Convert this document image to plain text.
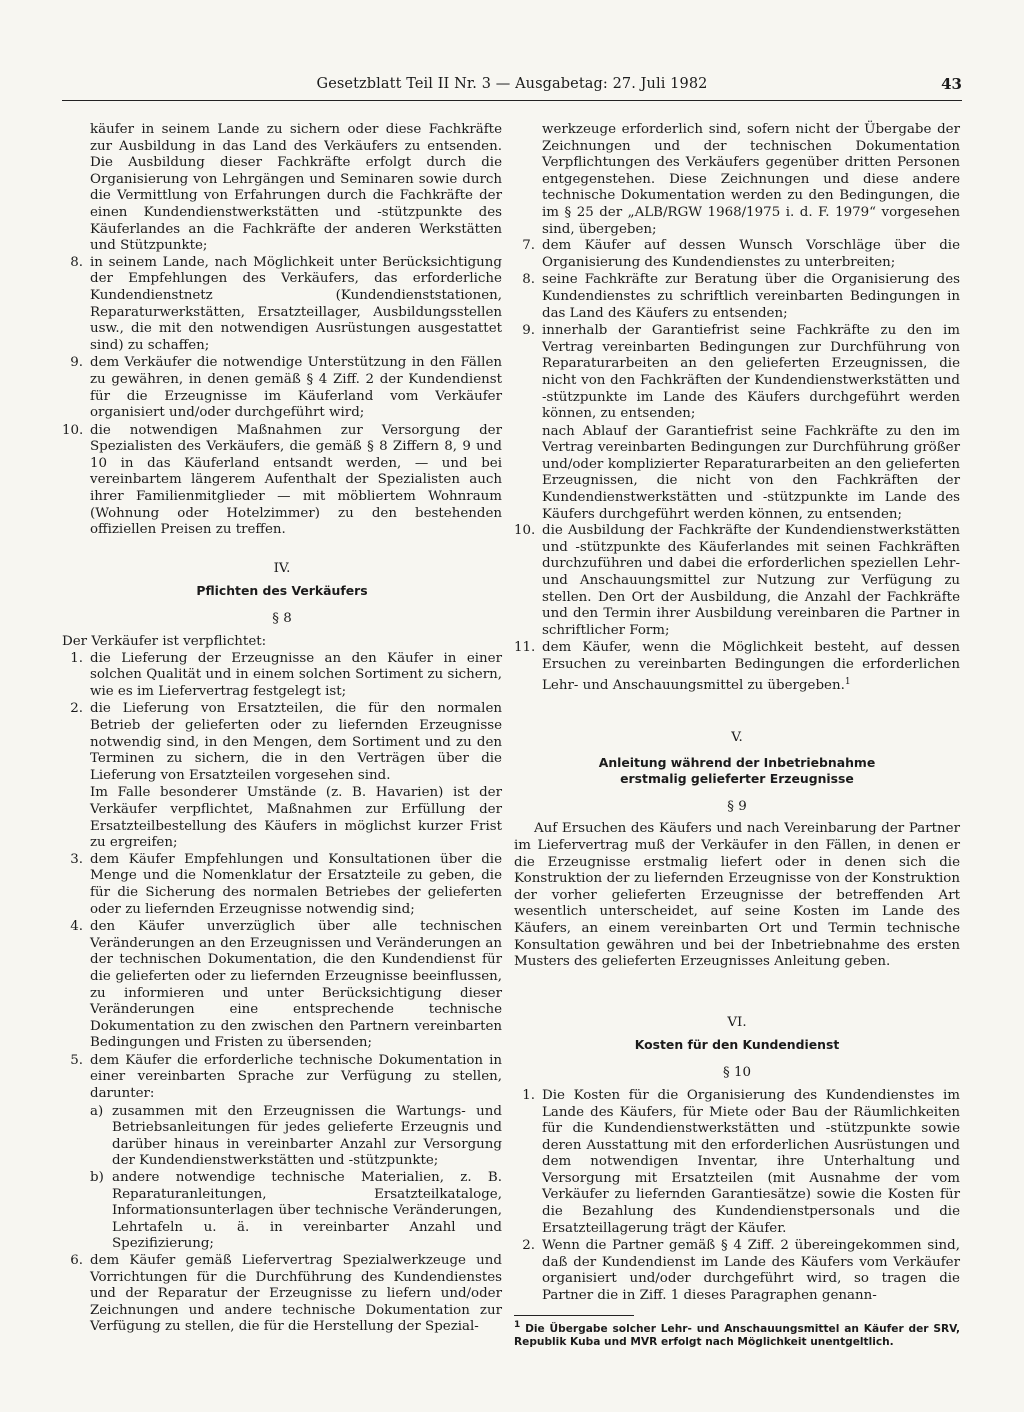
Gesetzblatt Teil II Nr. 3 — Ausgabetag: 27. Juli 1982	43

käufer in seinem Lande zu sichern oder diese Fachkräfte zur Ausbildung in das Land des Verkäufers zu entsenden. Die Ausbildung dieser Fachkräfte erfolgt durch die Organisierung von Lehrgängen und Seminaren sowie durch die Vermittlung von Erfahrungen durch die Fachkräfte der einen Kundendienstwerkstätten und -stützpunkte des Käuferlandes an die Fachkräfte der anderen Werkstätten und Stützpunkte;

8. in seinem Lande, nach Möglichkeit unter Berücksichtigung der Empfehlungen des Verkäufers, das erforderliche Kundendienstnetz (Kundendienststationen, Reparaturwerkstätten, Ersatzteillager, Ausbildungsstellen usw., die mit den notwendigen Ausrüstungen ausgestattet sind) zu schaffen;
9. dem Verkäufer die notwendige Unterstützung in den Fällen zu gewähren, in denen gemäß § 4 Ziff. 2 der Kundendienst für die Erzeugnisse im Käuferland vom Verkäufer organisiert und/oder durchgeführt wird;
10. die notwendigen Maßnahmen zur Versorgung der Spezialisten des Verkäufers, die gemäß § 8 Ziffern 8, 9 und 10 in das Käuferland entsandt werden, — und bei vereinbartem längerem Aufenthalt der Spezialisten auch ihrer Familienmitglieder — mit möbliertem Wohnraum (Wohnung oder Hotelzimmer) zu den bestehenden offiziellen Preisen zu treffen.
IV.
Pflichten des Verkäufers
§ 8

Der Verkäufer ist verpflichtet:

1. die Lieferung der Erzeugnisse an den Käufer in einer solchen Qualität und in einem solchen Sortiment zu sichern, wie es im Liefervertrag festgelegt ist;
2. die Lieferung von Ersatzteilen, die für den normalen Betrieb der gelieferten oder zu liefernden Erzeugnisse notwendig sind, in den Mengen, dem Sortiment und zu den Terminen zu sichern, die in den Verträgen über die Lieferung von Ersatzteilen vorgesehen sind.

Im Falle besonderer Umstände (z. B. Havarien) ist der Verkäufer verpflichtet, Maßnahmen zur Erfüllung der Ersatzteilbestellung des Käufers in möglichst kurzer Frist zu ergreifen;

3. dem Käufer Empfehlungen und Konsultationen über die Menge und die Nomenklatur der Ersatzteile zu geben, die für die Sicherung des normalen Betriebes der gelieferten oder zu liefernden Erzeugnisse notwendig sind;
4. den Käufer unverzüglich über alle technischen Veränderungen an den Erzeugnissen und Veränderungen an der technischen Dokumentation, die den Kundendienst für die gelieferten oder zu liefernden Erzeugnisse beeinflussen, zu informieren und unter Berücksichtigung dieser Veränderungen eine entsprechende technische Dokumentation zu den zwischen den Partnern vereinbarten Bedingungen und Fristen zu übersenden;
5. dem Käufer die erforderliche technische Dokumentation in einer vereinbarten Sprache zur Verfügung zu stellen, darunter:
a) zusammen mit den Erzeugnissen die Wartungs- und Betriebsanleitungen für jedes gelieferte Erzeugnis und darüber hinaus in vereinbarter Anzahl zur Versorgung der Kundendienstwerkstätten und -stützpunkte;
b) andere notwendige technische Materialien, z. B. Reparaturanleitungen, Ersatzteilkataloge, Informationsunterlagen über technische Veränderungen, Lehrtafeln u. ä. in vereinbarter Anzahl und Spezifizierung;
6. dem Käufer gemäß Liefervertrag Spezialwerkzeuge und Vorrichtungen für die Durchführung des Kundendienstes und der Reparatur der Erzeugnisse zu liefern und/oder Zeichnungen und andere technische Dokumentation zur Verfügung zu stellen, die für die Herstellung der Spezial-

werkzeuge erforderlich sind, sofern nicht der Übergabe der Zeichnungen und der technischen Dokumentation Verpflichtungen des Verkäufers gegenüber dritten Personen entgegenstehen. Diese Zeichnungen und diese andere technische Dokumentation werden zu den Bedingungen, die im § 25 der „ALB/RGW 1968/1975 i. d. F. 1979“ vorgesehen sind, übergeben;

7. dem Käufer auf dessen Wunsch Vorschläge über die Organisierung des Kundendienstes zu unterbreiten;
8. seine Fachkräfte zur Beratung über die Organisierung des Kundendienstes zu schriftlich vereinbarten Bedingungen in das Land des Käufers zu entsenden;
9. innerhalb der Garantiefrist seine Fachkräfte zu den im Vertrag vereinbarten Bedingungen zur Durchführung von Reparaturarbeiten an den gelieferten Erzeugnissen, die nicht von den Fachkräften der Kundendienstwerkstätten und -stützpunkte im Lande des Käufers durchgeführt werden können, zu entsenden;

nach Ablauf der Garantiefrist seine Fachkräfte zu den im Vertrag vereinbarten Bedingungen zur Durchführung größer und/oder komplizierter Reparaturarbeiten an den gelieferten Erzeugnissen, die nicht von den Fachkräften der Kundendienstwerkstätten und -stützpunkte im Lande des Käufers durchgeführt werden können, zu entsenden;

10. die Ausbildung der Fachkräfte der Kundendienstwerkstätten und -stützpunkte des Käuferlandes mit seinen Fachkräften durchzuführen und dabei die erforderlichen speziellen Lehr- und Anschauungsmittel zur Nutzung zur Verfügung zu stellen. Den Ort der Ausbildung, die Anzahl der Fachkräfte und den Termin ihrer Ausbildung vereinbaren die Partner in schriftlicher Form;
11. dem Käufer, wenn die Möglichkeit besteht, auf dessen Ersuchen zu vereinbarten Bedingungen die erforderlichen Lehr- und Anschauungsmittel zu übergeben.$^1$
V.
Anleitung während der Inbetriebnahme
erstmalig gelieferter Erzeugnisse
§ 9

Auf Ersuchen des Käufers und nach Vereinbarung der Partner im Liefervertrag muß der Verkäufer in den Fällen, in denen er die Erzeugnisse erstmalig liefert oder in denen sich die Konstruktion der zu liefernden Erzeugnisse von der Konstruktion der vorher gelieferten Erzeugnisse der betreffenden Art wesentlich unterscheidet, auf seine Kosten im Lande des Käufers, an einem vereinbarten Ort und Termin technische Konsultation gewähren und bei der Inbetriebnahme des ersten Musters des gelieferten Erzeugnisses Anleitung geben.

VI.
Kosten für den Kundendienst
§ 10
1. Die Kosten für die Organisierung des Kundendienstes im Lande des Käufers, für Miete oder Bau der Räumlichkeiten für die Kundendienstwerkstätten und -stützpunkte sowie deren Ausstattung mit den erforderlichen Ausrüstungen und dem notwendigen Inventar, ihre Unterhaltung und Versorgung mit Ersatzteilen (mit Ausnahme der vom Verkäufer zu liefernden Garantiesätze) sowie die Kosten für die Bezahlung des Kundendienstpersonals und die Ersatzteillagerung trägt der Käufer.
2. Wenn die Partner gemäß § 4 Ziff. 2 übereingekommen sind, daß der Kundendienst im Lande des Käufers vom Verkäufer organisiert und/oder durchgeführt wird, so tragen die Partner die in Ziff. 1 dieses Paragraphen genann-
$^1$ Die Übergabe solcher Lehr- und Anschauungsmittel an Käufer der SRV, Republik Kuba und MVR erfolgt nach Möglichkeit unentgeltlich.
